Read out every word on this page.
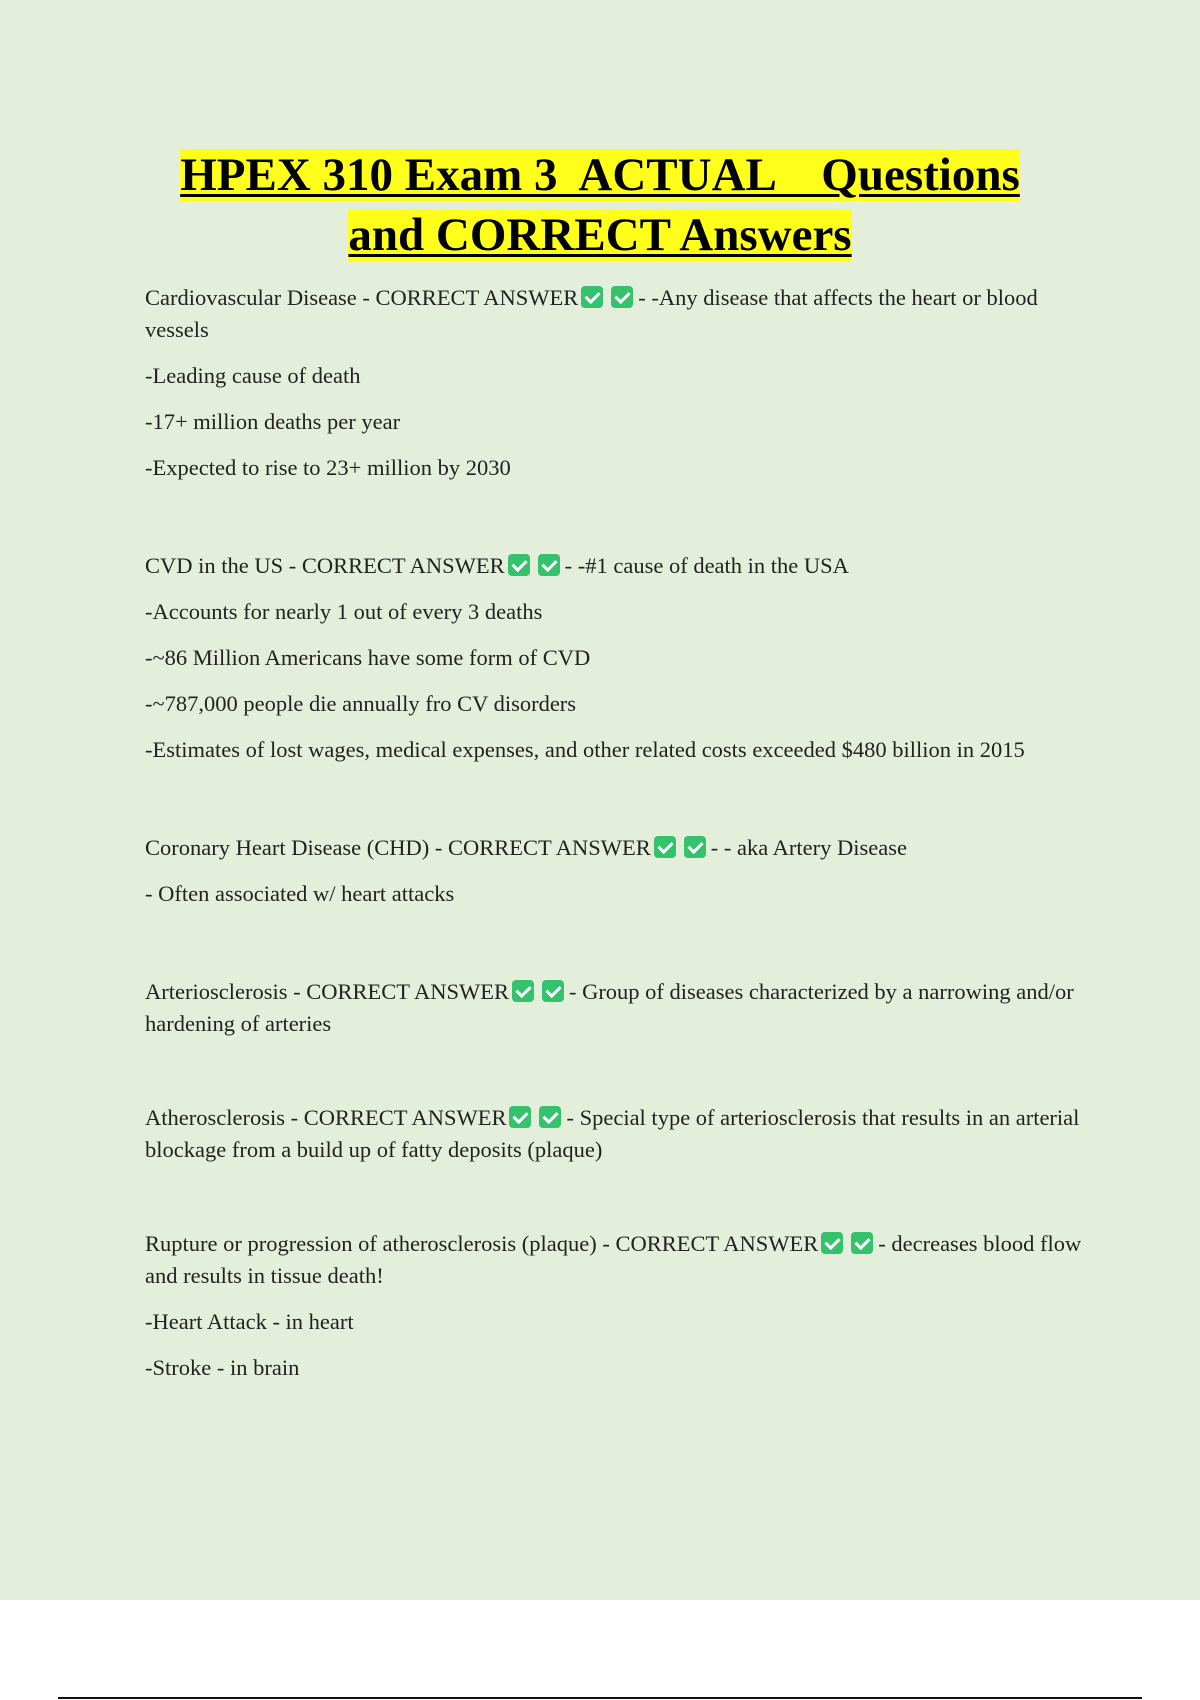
HPEX 310 Exam 3  ACTUAL    Questions
and CORRECT Answers

Cardiovascular Disease - CORRECT ANSWER	- -Any disease that affects the heart or blood vessels

-Leading cause of death

-17+ million deaths per year

-Expected to rise to 23+ million by 2030

CVD in the US - CORRECT ANSWER	- -#1 cause of death in the USA

-Accounts for nearly 1 out of every 3 deaths

-~86 Million Americans have some form of CVD

-~787,000 people die annually fro CV disorders

-Estimates of lost wages, medical expenses, and other related costs exceeded $480 billion in 2015

Coronary Heart Disease (CHD) - CORRECT ANSWER	- - aka Artery Disease

- Often associated w/ heart attacks

Arteriosclerosis - CORRECT ANSWER	- Group of diseases characterized by a narrowing and/or hardening of arteries

Atherosclerosis - CORRECT ANSWER	- Special type of arteriosclerosis that results in an arterial blockage from a build up of fatty deposits (plaque)

Rupture or progression of atherosclerosis (plaque) - CORRECT ANSWER	- decreases blood flow and results in tissue death!

-Heart Attack - in heart

-Stroke - in brain
